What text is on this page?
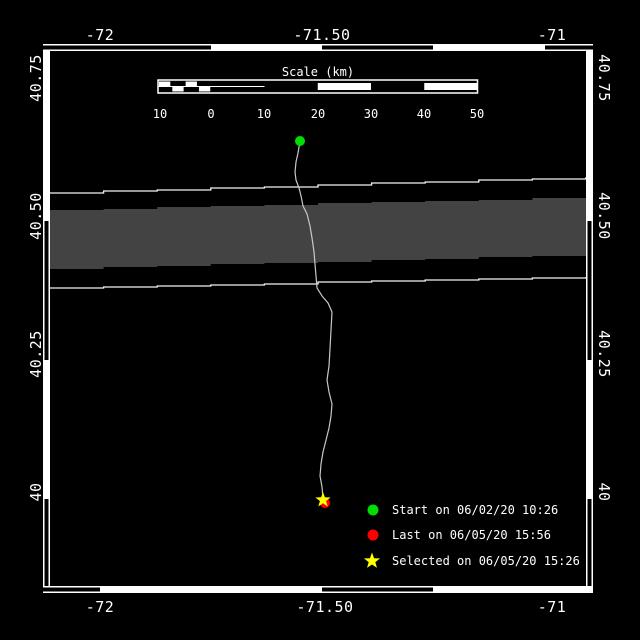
-72	-71.50	-71
-72	-71.50	-71
40.75
40.50
40.25
40
40.75
40.50
40.25
40
Scale (km)
10	0	10	20	30	40	50
Start on 06/02/20 10:26
Last on 06/05/20 15:56
Selected on 06/05/20 15:26
